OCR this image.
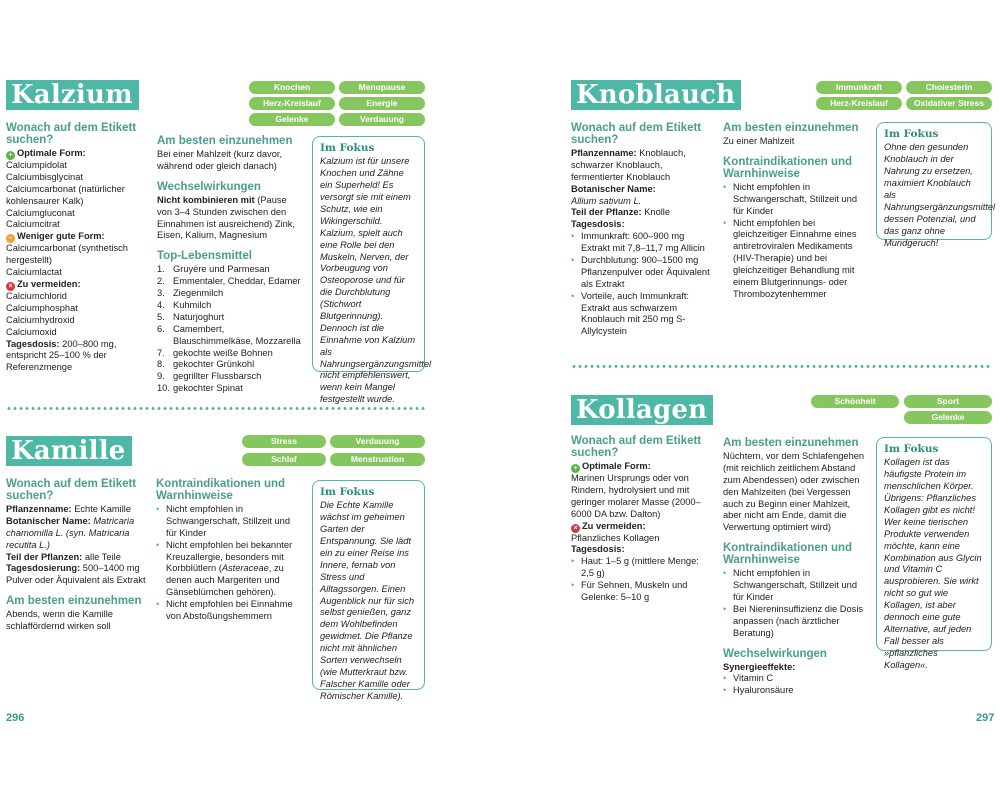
Kalzium	Knochen	Menopause
Herz-Kreislauf	Energie
Gelenke	Verdauung
Wonach auf dem Etikett suchen?

+ Optimale Form:

Calciumpidolat

Calciumbisglycinat

Calciumcarbonat (natürlicher kohlensaurer Kalk)

Calciumgluconat

Calciumcitrat

– Weniger gute Form:

Calciumcarbonat (synthetisch hergestellt)

Calciumlactat

× Zu vermeiden:

Calciumchlorid

Calciumphosphat

Calciumhydroxid

Calciumoxid

Tagesdosis: 200–800 mg, entspricht 25–100 % der Referenzmenge

Am besten einzunehmen

Bei einer Mahlzeit (kurz davor, während oder gleich danach)

Wechselwirkungen

Nicht kombinieren mit (Pause von 3–4 Stunden zwischen den Einnahmen ist ausreichend) Zink, Eisen, Kalium, Magnesium

Top-Lebensmittel
1. Gruyère und Parmesan
2. Emmentaler, Cheddar, Edamer
3. Ziegenmilch
4. Kuhmilch
5. Naturjoghurt
6. Camembert, Blauschimmelkäse, Mozzarella
7. gekochte weiße Bohnen
8. gekochter Grünkohl
9. gegrillter Flussbarsch
10. gekochter Spinat
Im Fokus
Kalzium ist für unsere Knochen und Zähne ein Superheld! Es versorgt sie mit einem Schutz, wie ein Wikingerschild. Kalzium, spielt auch eine Rolle bei den Muskeln, Nerven, der Vorbeugung von Osteoporose und für die Durchblutung (Stichwort Blutgerinnung). Dennoch ist die Einnahme von Kalzium als Nahrungsergänzungsmittel nicht empfehlenswert, wenn kein Mangel festgestellt wurde.
Kamille	Stress	Verdauung
Schlaf	Menstruation
Wonach auf dem Etikett suchen?

Pflanzenname: Echte Kamille

Botanischer Name: Matricaria chamomilla L. (syn. Matricaria recutita L.)

Teil der Pflanzen: alle Teile

Tagesdosierung: 500–1400 mg Pulver oder Äquivalent als Extrakt

Am besten einzunehmen

Abends, wenn die Kamille schlaffördernd wirken soll

Kontraindikationen und Warnhinweise
• Nicht empfohlen in Schwangerschaft, Stillzeit und für Kinder
• Nicht empfohlen bei bekannter Kreuzallergie, besonders mit Korbblütlern (Asteraceae, zu denen auch Margeriten und Gänseblümchen gehören).
• Nicht empfohlen bei Einnahme von Abstoßungshemmern
Im Fokus
Die Echte Kamille wächst im geheimen Garten der Entspannung. Sie lädt ein zu einer Reise ins Innere, fernab von Stress und Alltagssorgen. Einen Augenblick nur für sich selbst genießen, ganz dem Wohlbefinden gewidmet. Die Pflanze nicht mit ähnlichen Sorten verwechseln (wie Mutterkraut bzw. Falscher Kamille oder Römischer Kamille).
296
Knoblauch	Immunkraft	Cholesterin
Herz-Kreislauf	Oxidativer Stress
Wonach auf dem Etikett suchen?

Pflanzenname: Knoblauch, schwarzer Knoblauch, fermentierter Knoblauch

Botanischer Name:

Allium sativum L.

Teil der Pflanze: Knolle

Tagesdosis:

• Immunkraft: 600–900 mg Extrakt mit 7,8–11,7 mg Allicin
• Durchblutung: 900–1500 mg Pflanzenpulver oder Äquivalent als Extrakt
• Vorteile, auch Immunkraft: Extrakt aus schwarzem Knoblauch mit 250 mg S-Allylcystein
Am besten einzunehmen

Zu einer Mahlzeit

Kontraindikationen und Warnhinweise
• Nicht empfohlen in Schwangerschaft, Stillzeit und für Kinder
• Nicht empfohlen bei gleichzeitiger Einnahme eines antiretroviralen Medikaments (HIV-Therapie) und bei gleichzeitiger Behandlung mit einem Blutgerinnungs- oder Thrombozytenhemmer
Im Fokus
Ohne den gesunden Knoblauch in der Nahrung zu ersetzen, maximiert Knoblauch als Nahrungsergänzungsmittel dessen Potenzial, und das ganz ohne Mundgeruch!
Kollagen	Schönheit	Sport
Gelenke
Wonach auf dem Etikett suchen?

+ Optimale Form:

Marinen Ursprungs oder von Rindern, hydrolysiert und mit geringer molarer Masse (2000–6000 DA bzw. Dalton)

× Zu vermeiden:

Pflanzliches Kollagen

Tagesdosis:

• Haut: 1–5 g (mittlere Menge: 2,5 g)
• Für Sehnen, Muskeln und Gelenke: 5–10 g
Am besten einzunehmen

Nüchtern, vor dem Schlafengehen (mit reichlich zeitlichem Abstand zum Abendessen) oder zwischen den Mahlzeiten (bei Vergessen auch zu Beginn einer Mahlzeit, aber nicht am Ende, damit die Verwertung optimiert wird)

Kontraindikationen und Warnhinweise
• Nicht empfohlen in Schwangerschaft, Stillzeit und für Kinder
• Bei Niereninsuffizienz die Dosis anpassen (nach ärztlicher Beratung)
Wechselwirkungen

Synergieeffekte:

• Vitamin C
• Hyaluronsäure
Im Fokus
Kollagen ist das häufigste Protein im menschlichen Körper. Übrigens: Pflanzliches Kollagen gibt es nicht! Wer keine tierischen Produkte verwenden möchte, kann eine Kombination aus Glycin und Vitamin C ausprobieren. Sie wirkt nicht so gut wie Kollagen, ist aber dennoch eine gute Alternative, auf jeden Fall besser als »pflanzliches Kollagen«.
297
